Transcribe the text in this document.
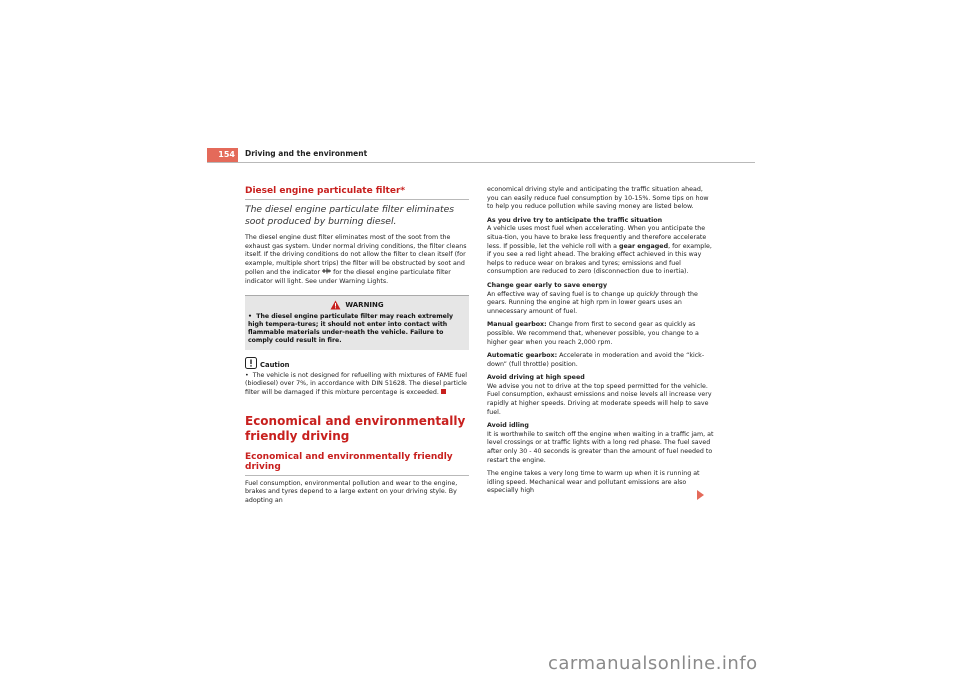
154	Driving and the environment
Diesel engine particulate filter*
The diesel engine particulate filter eliminates soot produced by burning diesel.

The diesel engine dust filter eliminates most of the soot from the exhaust gas system. Under normal driving conditions, the filter cleans itself. If the driving conditions do not allow the filter to clean itself (for example, multiple short trips) the filter will be obstructed by soot and pollen and the indicator for the diesel engine particulate filter indicator will light. See under Warning Lights.

WARNING
•  The diesel engine particulate filter may reach extremely high tempera-tures; it should not enter into contact with flammable materials under-neath the vehicle. Failure to comply could result in fire.
Caution

•  The vehicle is not designed for refuelling with mixtures of FAME fuel (biodiesel) over 7%, in accordance with DIN 51628. The diesel particle filter will be damaged if this mixture percentage is exceeded.

Economical and environmentally friendly driving
Economical and environmentally friendly driving

Fuel consumption, environmental pollution and wear to the engine, brakes and tyres depend to a large extent on your driving style. By adopting an

economical driving style and anticipating the traffic situation ahead, you can easily reduce fuel consumption by 10-15%. Some tips on how to help you reduce pollution while saving money are listed below.

As you drive try to anticipate the traffic situation
A vehicle uses most fuel when accelerating. When you anticipate the situa-tion, you have to brake less frequently and therefore accelerate less. If possible, let the vehicle roll with a gear engaged, for example, if you see a red light ahead. The braking effect achieved in this way helps to reduce wear on brakes and tyres; emissions and fuel consumption are reduced to zero (disconnection due to inertia).

Change gear early to save energy
An effective way of saving fuel is to change up quickly through the gears. Running the engine at high rpm in lower gears uses an unnecessary amount of fuel.

Manual gearbox: Change from first to second gear as quickly as possible. We recommend that, whenever possible, you change to a higher gear when you reach 2,000 rpm.

Automatic gearbox: Accelerate in moderation and avoid the “kick-down” (full throttle) position.

Avoid driving at high speed
We advise you not to drive at the top speed permitted for the vehicle. Fuel consumption, exhaust emissions and noise levels all increase very rapidly at higher speeds. Driving at moderate speeds will help to save fuel.

Avoid idling
It is worthwhile to switch off the engine when waiting in a traffic jam, at level crossings or at traffic lights with a long red phase. The fuel saved after only 30 - 40 seconds is greater than the amount of fuel needed to restart the engine.

The engine takes a very long time to warm up when it is running at idling speed. Mechanical wear and pollutant emissions are also especially high

carmanualsonline.info
